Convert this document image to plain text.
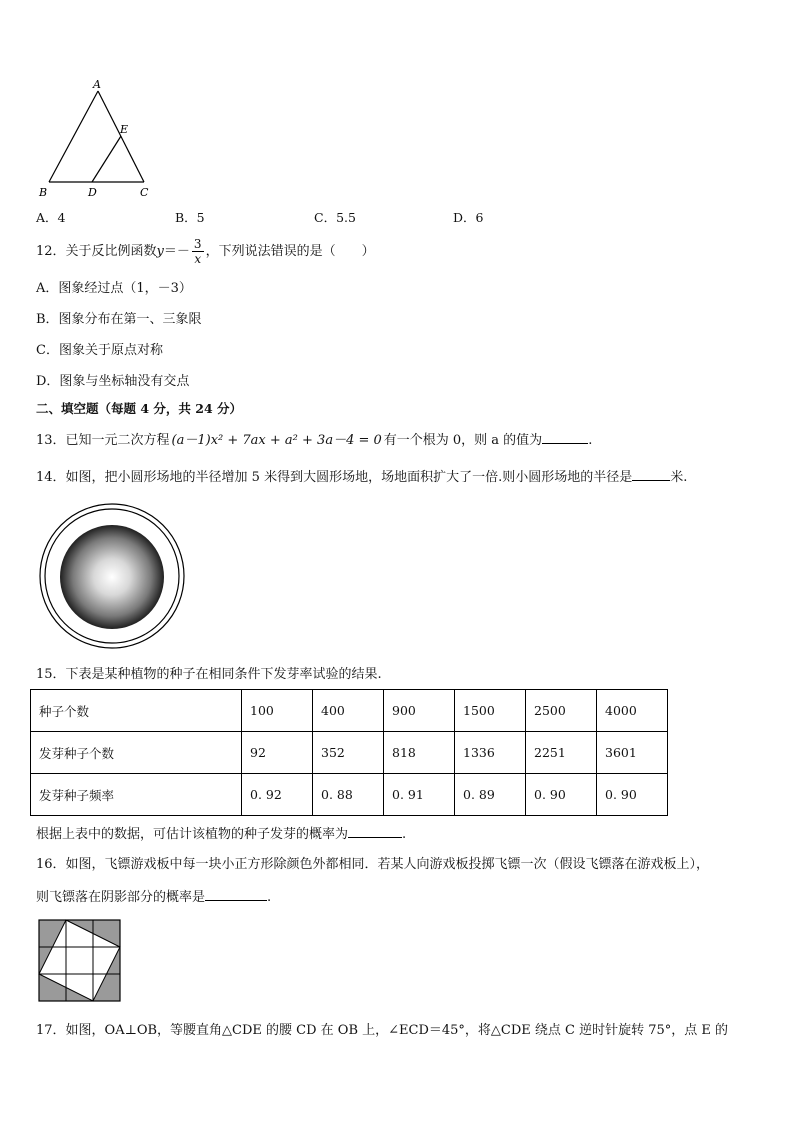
A
E
B	D	C
A．4	B．5	C．5.5	D．6
12．关于反比例函数$y=- \frac{3}{x}$ ，下列说法错误的是（　　）
A．图象经过点（1，－3）
B．图象分布在第一、三象限
C．图象关于原点对称
D．图象与坐标轴没有交点
二、填空题（每题 4 分，共 24 分）
13．已知一元二次方程 (a－1)x² + 7ax + a² + 3a－4 = 0 有一个根为 0，则 a 的值为	.
14．如图，把小圆形场地的半径增加 5 米得到大圆形场地，场地面积扩大了一倍.则小圆形场地的半径是	米.
15．下表是某种植物的种子在相同条件下发芽率试验的结果.
种子个数	100	400	900	1500	2500	4000
发芽种子个数	92	352	818	1336	2251	3601
发芽种子频率	0. 92	0. 88	0. 91	0. 89	0. 90	0. 90
根据上表中的数据，可估计该植物的种子发芽的概率为	.
16．如图，飞镖游戏板中每一块小正方形除颜色外都相同．若某人向游戏板投掷飞镖一次（假设飞镖落在游戏板上），
则飞镖落在阴影部分的概率是	.
17．如图，OA⊥OB，等腰直角△CDE 的腰 CD 在 OB 上，∠ECD＝45°，将△CDE 绕点 C 逆时针旋转 75°，点 E 的
